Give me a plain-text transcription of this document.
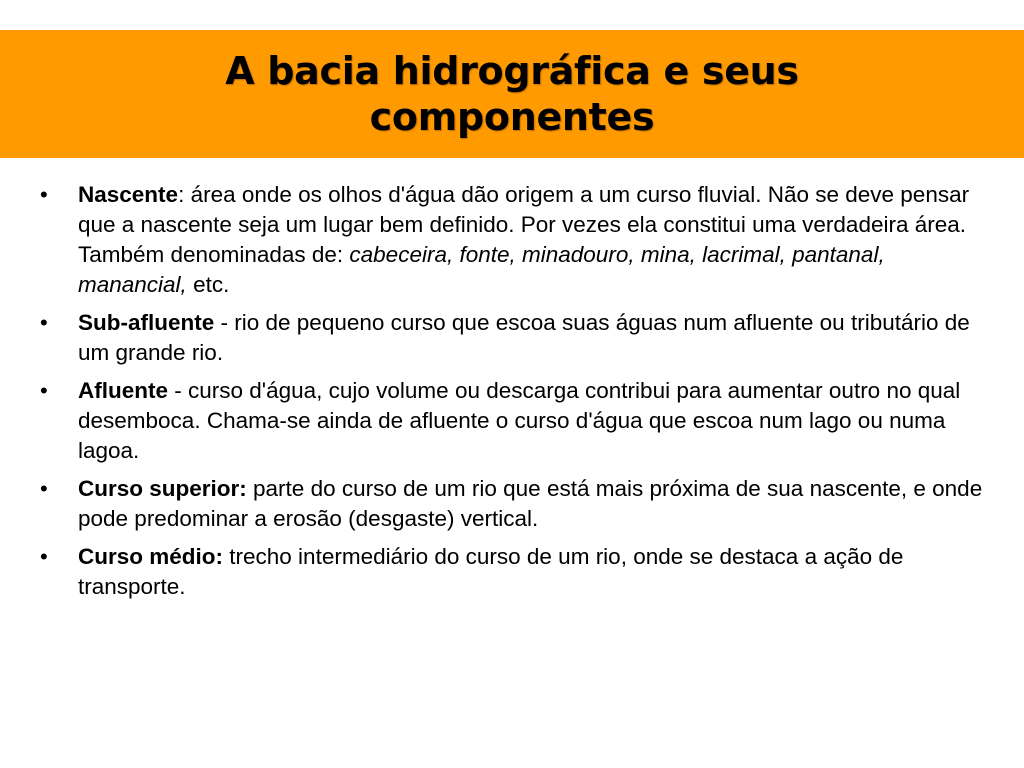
A bacia hidrográfica e seus componentes
• Nascente: área onde os olhos d'água dão origem a um curso fluvial. Não se deve pensar que a nascente seja um lugar bem definido. Por vezes ela constitui uma verdadeira área. Também denominadas de: cabeceira, fonte, minadouro, mina, lacrimal, pantanal, manancial, etc.
• Sub-afluente - rio de pequeno curso que escoa suas águas num afluente ou tributário de um grande rio.
• Afluente - curso d'água, cujo volume ou descarga contribui para aumentar outro no qual desemboca. Chama-se ainda de afluente o curso d'água que escoa num lago ou numa lagoa.
• Curso superior: parte do curso de um rio que está mais próxima de sua nascente, e onde pode predominar a erosão (desgaste) vertical.
• Curso médio: trecho intermediário do curso de um rio, onde se destaca a ação de transporte.
